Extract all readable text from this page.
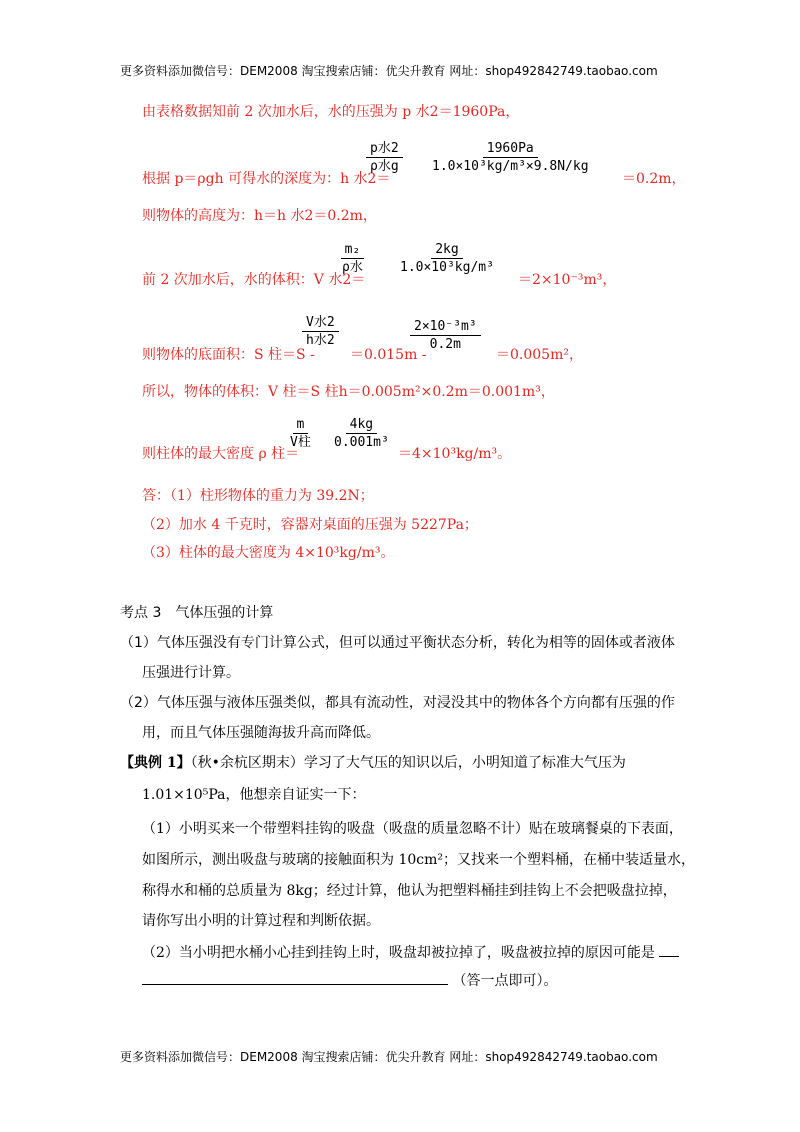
更多资料添加微信号：DEM2008 淘宝搜索店铺：优尖升教育 网址：shop492842749.taobao.com
由表格数据知前 2 次加水后，水的压强为 p 水2＝1960Pa，
根据 p＝ρgh 可得水的深度为：h 水2＝
p水2
ρ水g	$\frac{1960Pa}{\text{1.0×10³kg/m³×9.8N/kg}}$
＝0.2m，
则物体的高度为：h＝h 水2＝0.2m，
前 2 次加水后，水的体积：V 水2＝
m₂
ρ水	$\frac{2kg}{\text{1.0×10³kg/m³}}$
＝2×10⁻³m³，
则物体的底面积：S 柱＝S -
V水2
h水2
＝0.015m -
$\frac{\text{2×10⁻³m³}}{0.2m}$
＝0.005m²，
所以，物体的体积：V 柱＝S 柱h＝0.005m²×0.2m＝0.001m³，
则柱体的最大密度 ρ 柱＝
m
V柱	$\frac{4kg}{\text{0.001m³}}$
＝4×10³kg/m³。
答：（1）柱形物体的重力为 39.2N；
（2）加水 4 千克时，容器对桌面的压强为 5227Pa；
（3）柱体的最大密度为 4×10³kg/m³。
考点 3　气体压强的计算
（1）气体压强没有专门计算公式，但可以通过平衡状态分析，转化为相等的固体或者液体
压强进行计算。
（2）气体压强与液体压强类似，都具有流动性，对浸没其中的物体各个方向都有压强的作
用，而且气体压强随海拔升高而降低。
【典例 1】（秋•余杭区期末）学习了大气压的知识以后，小明知道了标准大气压为
1.01×10⁵Pa，他想亲自证实一下：
（1）小明买来一个带塑料挂钩的吸盘（吸盘的质量忽略不计）贴在玻璃餐桌的下表面，
如图所示，测出吸盘与玻璃的接触面积为 10cm²；又找来一个塑料桶，在桶中装适量水，
称得水和桶的总质量为 8kg；经过计算，他认为把塑料桶挂到挂钩上不会把吸盘拉掉，
请你写出小明的计算过程和判断依据。
（2）当小明把水桶小心挂到挂钩上时，吸盘却被拉掉了，吸盘被拉掉的原因可能是
（答一点即可）。
更多资料添加微信号：DEM2008 淘宝搜索店铺：优尖升教育 网址：shop492842749.taobao.com
